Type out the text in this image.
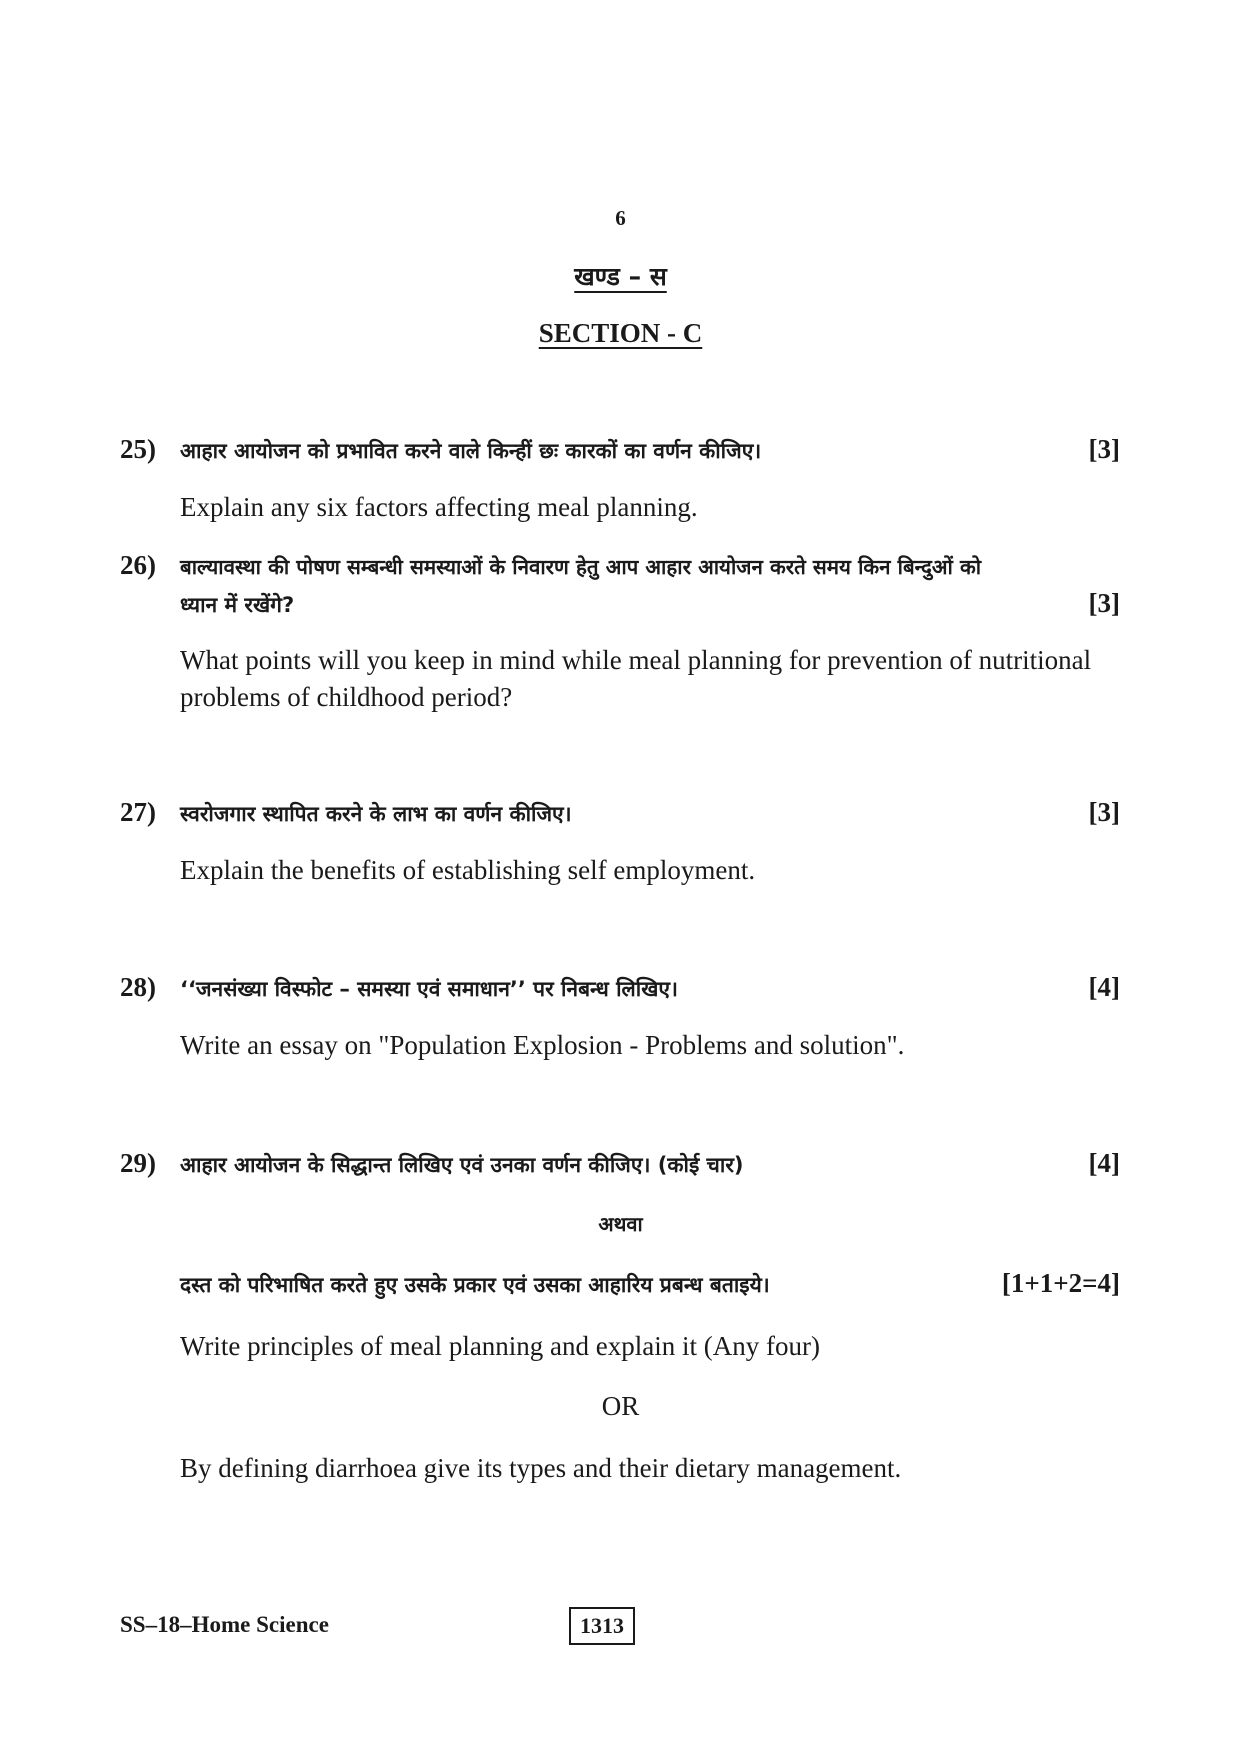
6
खण्ड – स
SECTION - C
25) आहार आयोजन को प्रभावित करने वाले किन्हीं छः कारकों का वर्णन कीजिए।	[3]
Explain any six factors affecting meal planning.
26) बाल्यावस्था की पोषण सम्बन्धी समस्याओं के निवारण हेतु आप आहार आयोजन करते समय किन बिन्दुओं को
ध्यान में रखेंगे?	[3]
What points will you keep in mind while meal planning for prevention of nutritional
problems of childhood period?
27) स्वरोजगार स्थापित करने के लाभ का वर्णन कीजिए।	[3]
Explain the benefits of establishing self employment.
28) ‘‘जनसंख्या विस्फोट – समस्या एवं समाधान’’ पर निबन्ध लिखिए।	[4]
Write an essay on "Population Explosion - Problems and solution".
29) आहार आयोजन के सिद्धान्त लिखिए एवं उनका वर्णन कीजिए। (कोई चार)	[4]
अथवा
दस्त को परिभाषित करते हुए उसके प्रकार एवं उसका आहारिय प्रबन्ध बताइये।	[1+1+2=4]
Write principles of meal planning and explain it (Any four)
OR
By defining diarrhoea give its types and their dietary management.
SS–18–Home Science	1313
